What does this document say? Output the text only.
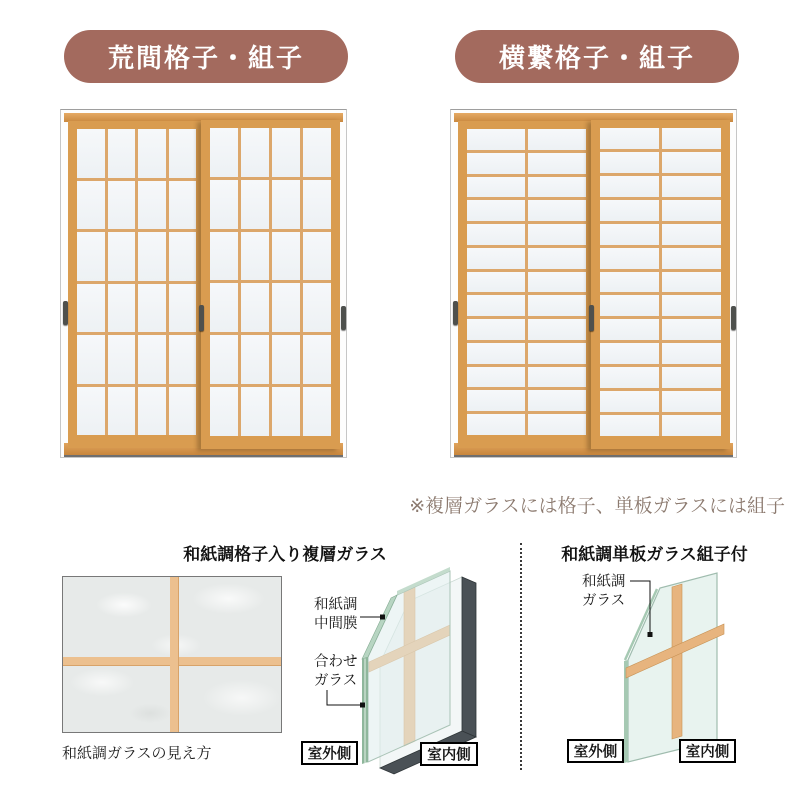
荒間格子・組子	横繋格子・組子
※複層ガラスには格子、単板ガラスには組子
和紙調格子入り複層ガラス	和紙調単板ガラス組子付
和紙調ガラスの見え方
和紙調
中間膜
合わせ
ガラス
室外側	室内側
和紙調
ガラス
室外側	室内側
